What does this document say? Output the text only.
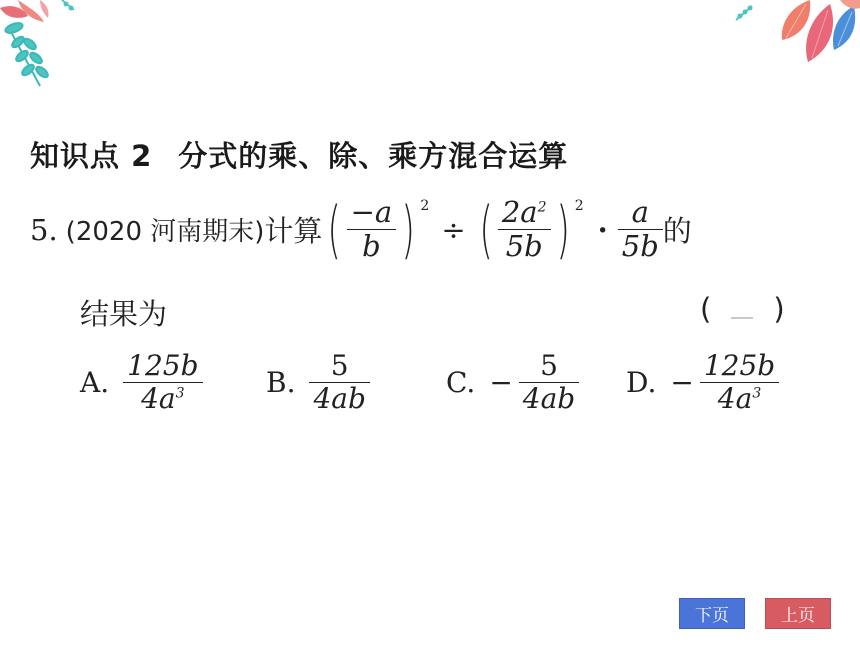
知识点 2 分式的乘、除、乘方混合运算
5. (2020 河南期末) 计算 ( $\frac{-a}{b}$ ) 2
÷ ( $\frac{2a^2}{5b}$ ) 2
· $\frac{a}{5b}$ 的
结果为	( )
A. $\frac{125b}{4a^3} B$. $\frac{5}{4ab}$	C. − $\frac{5}{4ab} D$. − $\frac{125b}{4a^3}$
下页	上页
